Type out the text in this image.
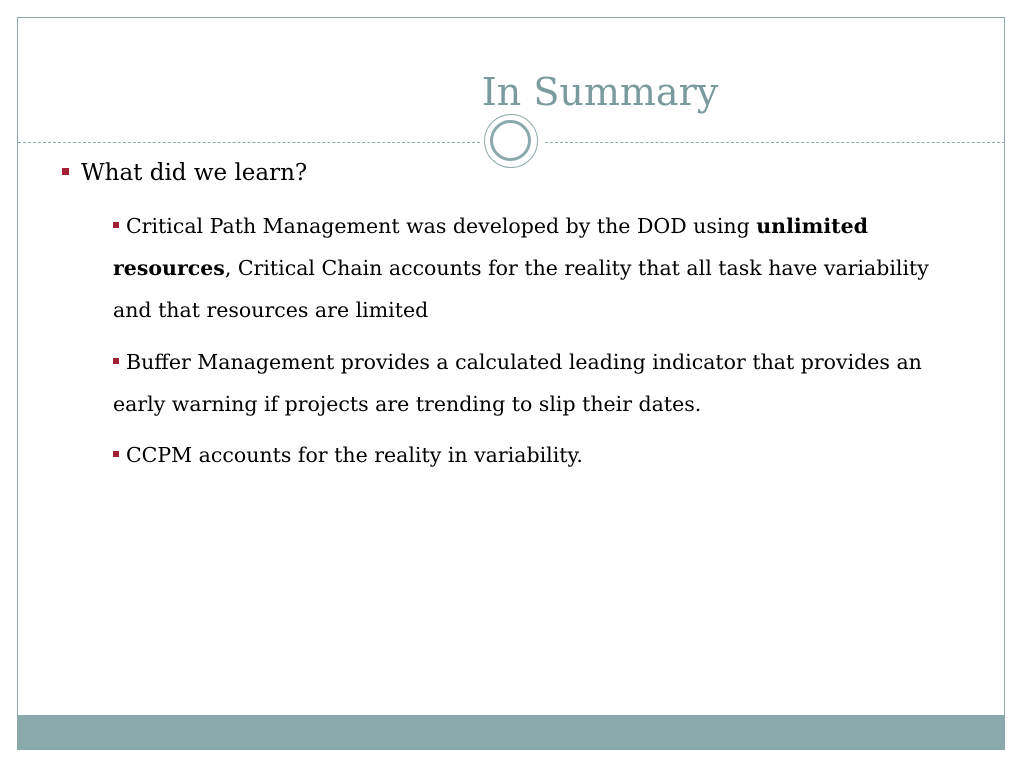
In Summary
What did we learn?
Critical Path Management was developed by the DOD using unlimited resources, Critical Chain accounts for the reality that all task have variability and that resources are limited
Buffer Management provides a calculated leading indicator that provides an early warning if projects are trending to slip their dates.
CCPM accounts for the reality in variability.
